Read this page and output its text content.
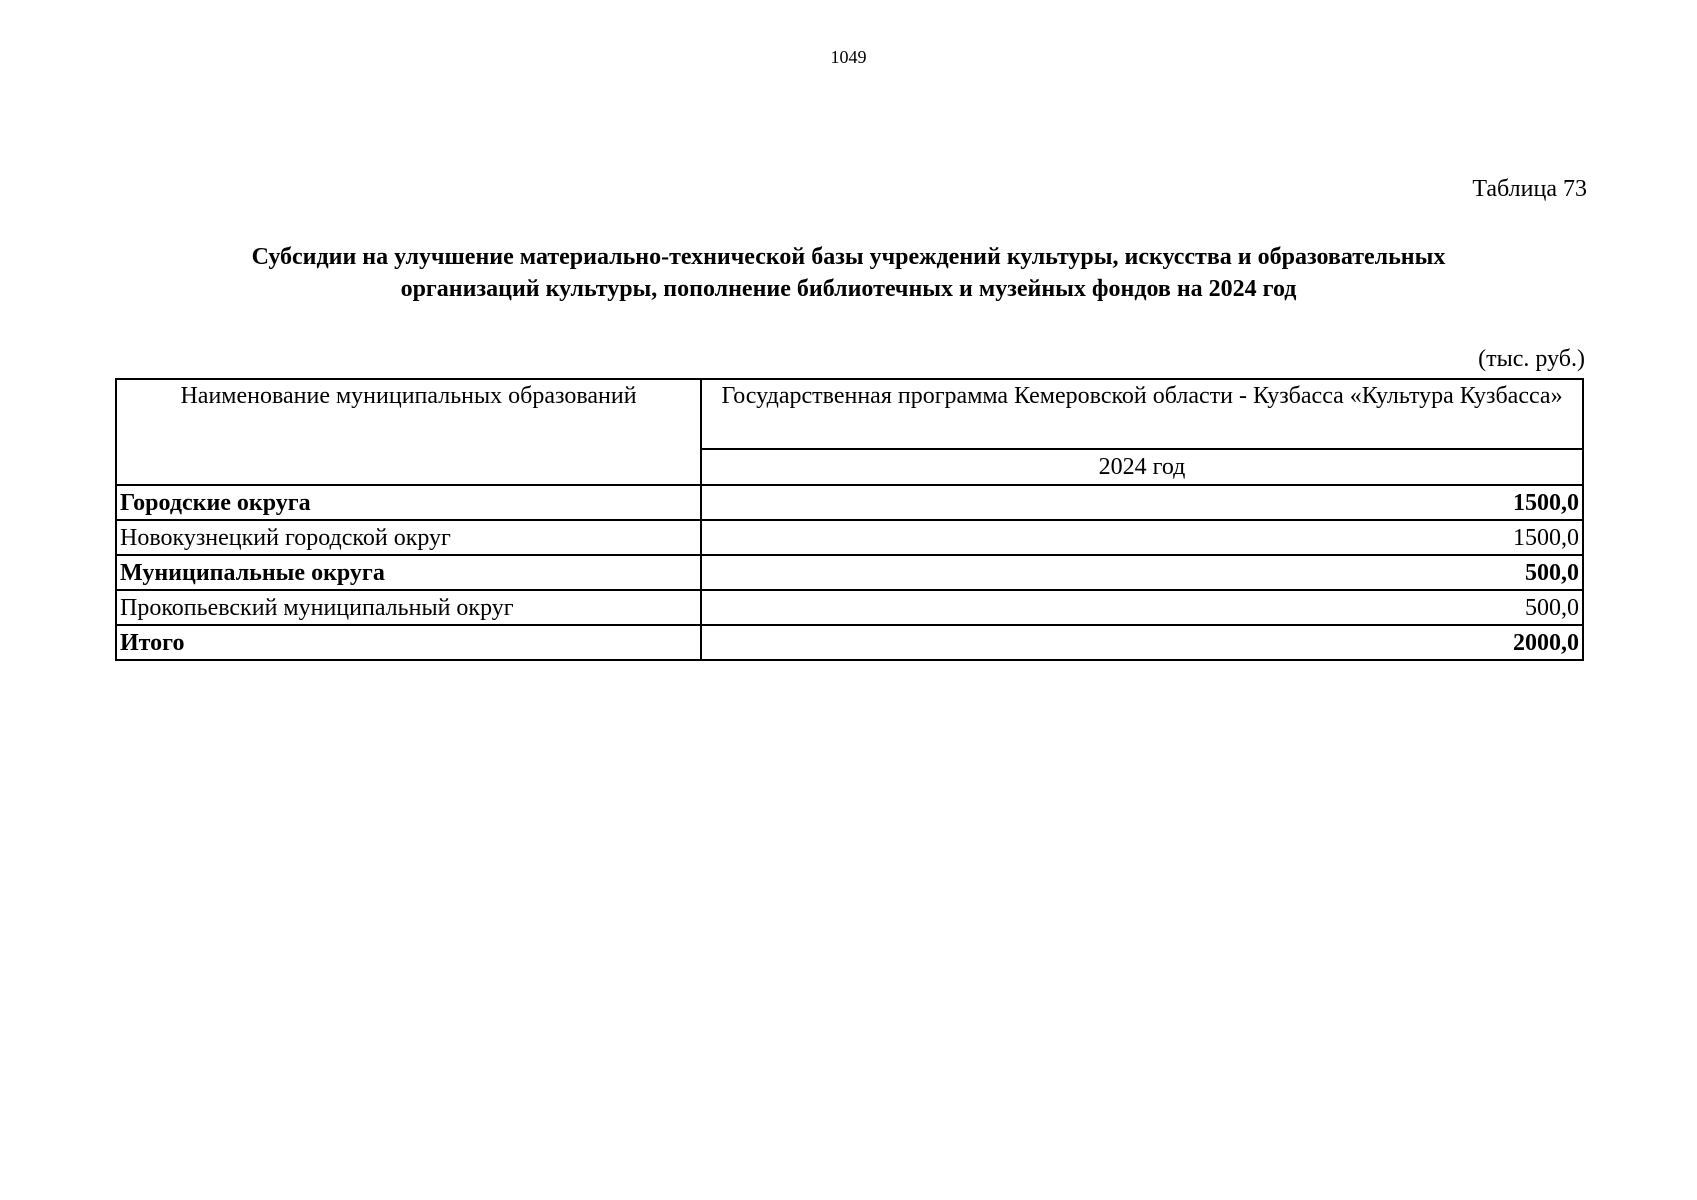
1049
Таблица 73
Субсидии на улучшение материально-технической базы учреждений культуры, искусства и образовательных
организаций культуры, пополнение библиотечных и музейных фондов на 2024 год
(тыс. руб.)
Наименование муниципальных образований	Государственная программа Кемеровской области - Кузбасса «Культура Кузбасса»
	2024 год
Городские округа	1500,0
Новокузнецкий городской округ	1500,0
Муниципальные округа	500,0
Прокопьевский муниципальный округ	500,0
Итого	2000,0
